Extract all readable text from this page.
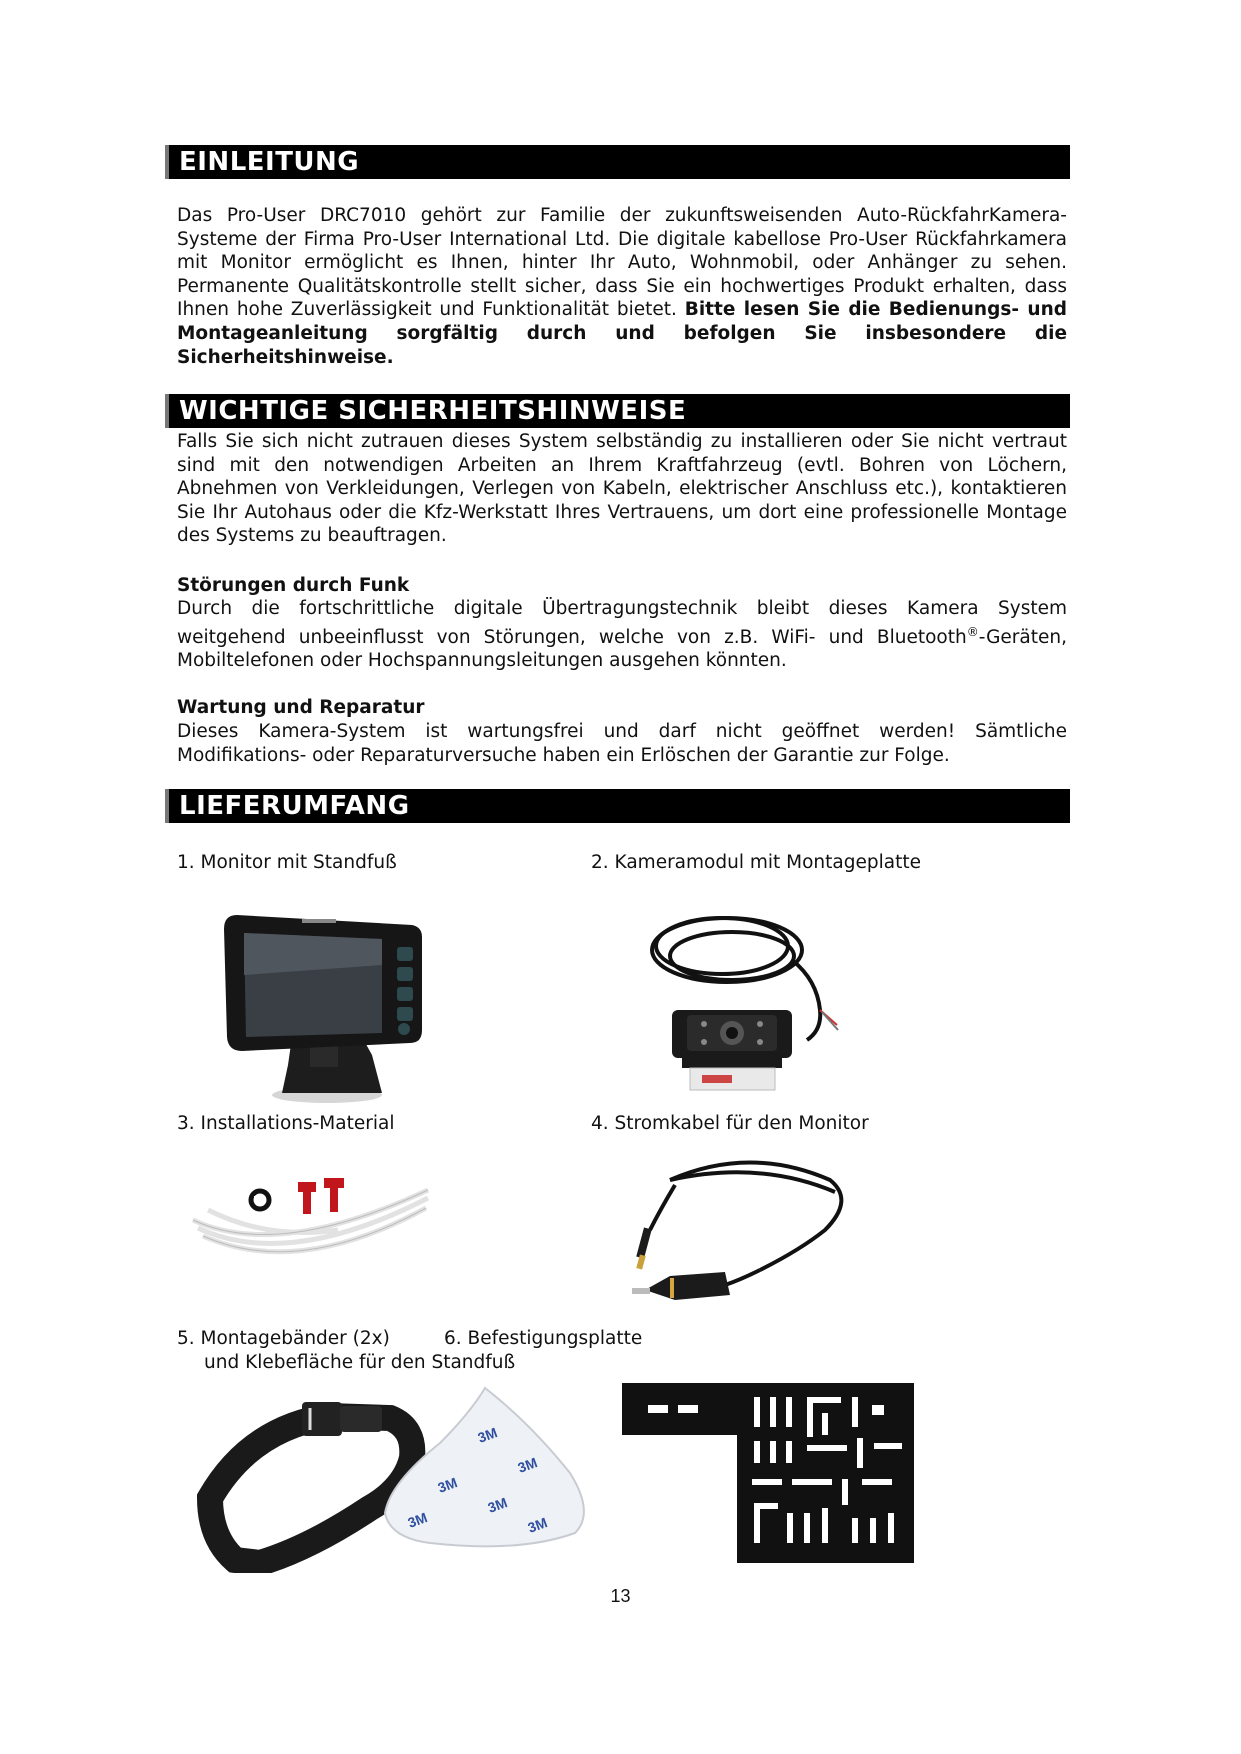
EINLEITUNG
Das Pro-User DRC7010 gehört zur Familie der zukunftsweisenden Auto-RückfahrKamera-Systeme der Firma Pro-User International Ltd. Die digitale kabellose Pro-User Rückfahrkamera mit Monitor ermöglicht es Ihnen, hinter Ihr Auto, Wohnmobil, oder Anhänger zu sehen. Permanente Qualitätskontrolle stellt sicher, dass Sie ein hochwertiges Produkt erhalten, dass Ihnen hohe Zuverlässigkeit und Funktionalität bietet. Bitte lesen Sie die Bedienungs- und Montageanleitung sorgfältig durch und befolgen Sie insbesondere die Sicherheitshinweise.
WICHTIGE SICHERHEITSHINWEISE
Falls Sie sich nicht zutrauen dieses System selbständig zu installieren oder Sie nicht vertraut sind mit den notwendigen Arbeiten an Ihrem Kraftfahrzeug (evtl. Bohren von Löchern, Abnehmen von Verkleidungen, Verlegen von Kabeln, elektrischer Anschluss etc.), kontaktieren Sie Ihr Autohaus oder die Kfz-Werkstatt Ihres Vertrauens, um dort eine professionelle Montage des Systems zu beauftragen.
Störungen durch Funk
Durch die fortschrittliche digitale Übertragungstechnik bleibt dieses Kamera System weitgehend unbeeinflusst von Störungen, welche von z.B. WiFi- und Bluetooth®-Geräten, Mobiltelefonen oder Hochspannungsleitungen ausgehen könnten.
Wartung und Reparatur
Dieses Kamera-System ist wartungsfrei und darf nicht geöffnet werden! Sämtliche Modifikations- oder Reparaturversuche haben ein Erlöschen der Garantie zur Folge.
LIEFERUMFANG
1. Monitor mit Standfuß	2. Kameramodul mit Montageplatte
3. Installations-Material	4. Stromkabel für den Monitor
5. Montagebänder (2x)	6. Befestigungsplatte
und Klebefläche für den Standfuß
3M
3M
3M
3M
3M	3M
13
